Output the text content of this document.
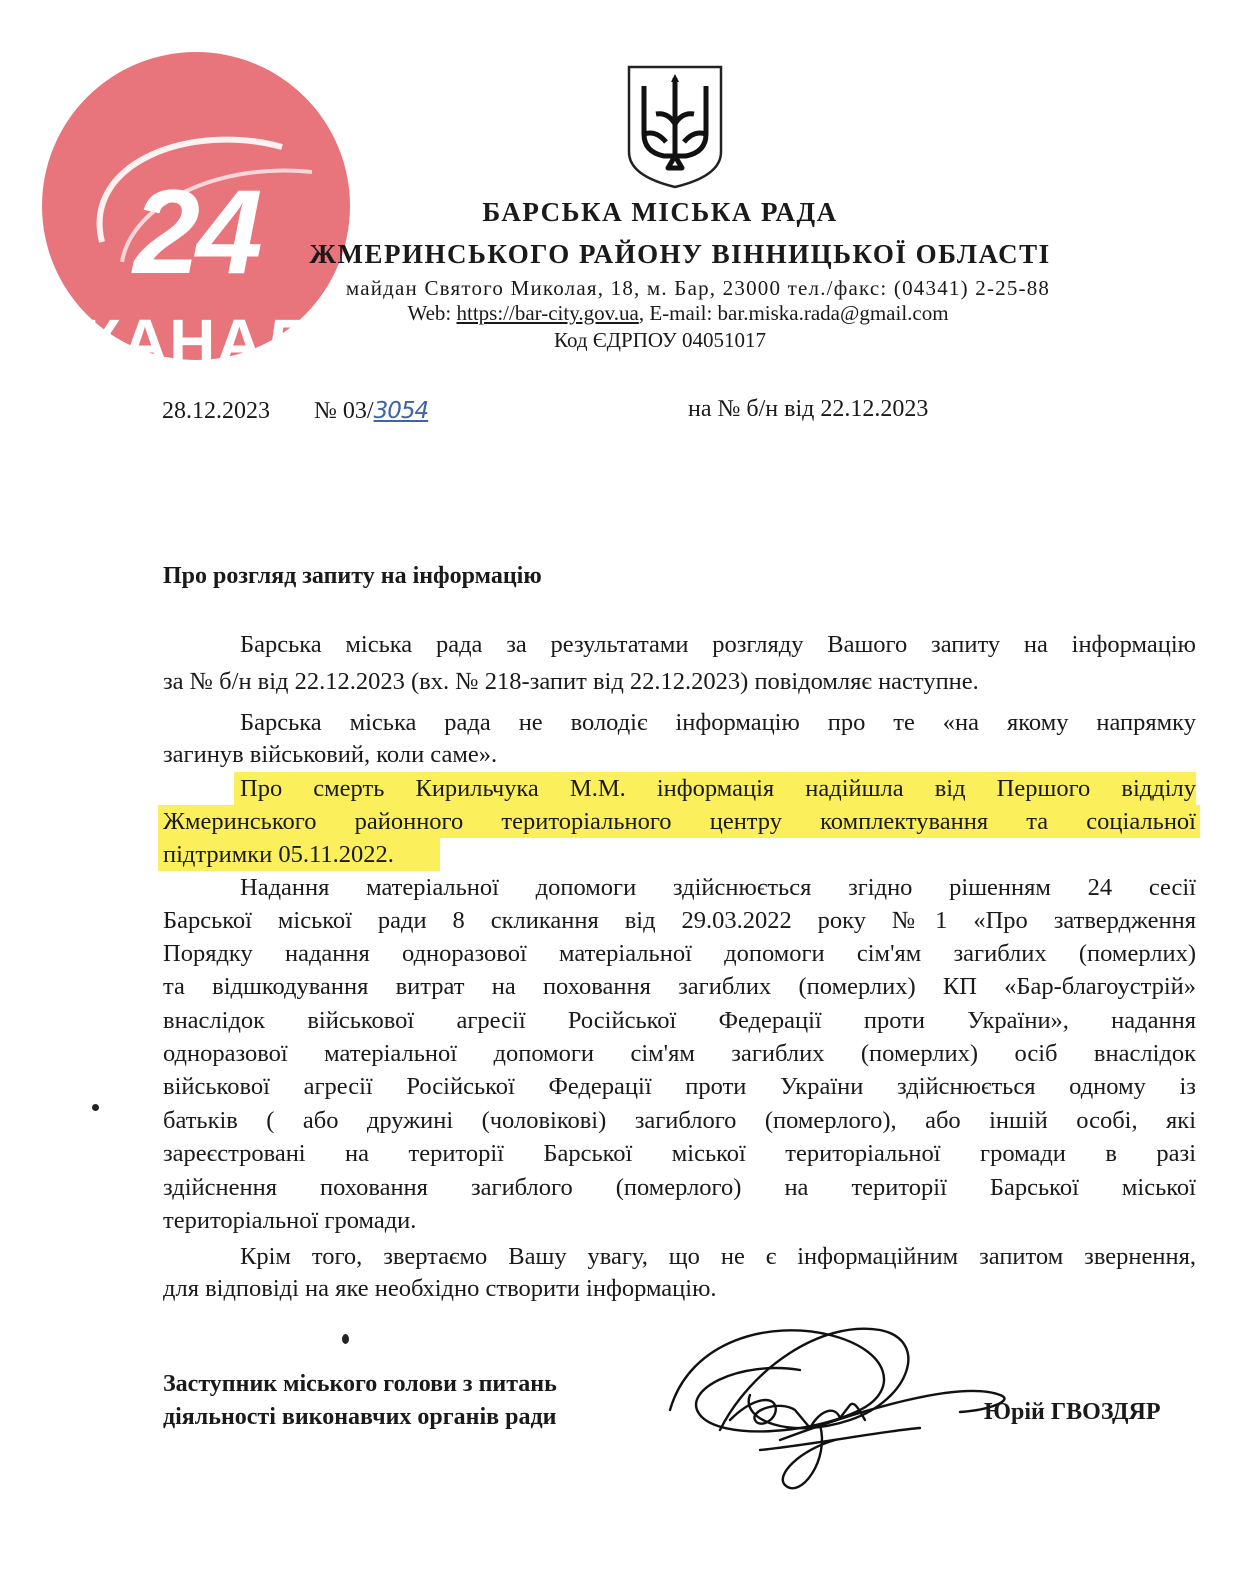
24
КАНАЛ
БАРСЬКА МІСЬКА РАДА
ЖМЕРИНСЬКОГО РАЙОНУ ВІННИЦЬКОЇ ОБЛАСТІ
майдан Святого Миколая, 18, м. Бар, 23000 тел./факс: (04341) 2-25-88
Web: https://bar-city.gov.ua, E-mail: bar.miska.rada@gmail.com
Код ЄДРПОУ 04051017
28.12.2023 № 03/3054	на № б/н від 22.12.2023
Про розгляд запиту на інформацію
Барська міська рада за результатами розгляду Вашого запиту на інформацію
за № б/н від 22.12.2023 (вх. № 218-запит від 22.12.2023) повідомляє наступне.
Барська міська рада не володіє інформацію про те «на якому напрямку
загинув військовий, коли саме».
Про смерть Кирильчука М.М. інформація надійшла від Першого відділу
Жмеринського районного територіального центру комплектування та соціальної
підтримки 05.11.2022.
Надання матеріальної допомоги здійснюється згідно рішенням 24 сесії
Барської міської ради 8 скликання від 29.03.2022 року №1 «Про затвердження
Порядку надання одноразової матеріальної допомоги сім'ям загиблих (померлих)
та відшкодування витрат на поховання загиблих (померлих) КП «Бар-благоустрій»
внаслідок військової агресії Російської Федерації проти України», надання
одноразової матеріальної допомоги сім'ям загиблих (померлих) осіб внаслідок
військової агресії Російської Федерації проти України здійснюється одному із
батьків ( або дружині (чоловікові) загиблого (померлого), або іншій особі, які
зареєстровані на території Барської міської територіальної громади в разі
здійснення поховання загиблого (померлого) на території Барської міської
територіальної громади.
Крім того, звертаємо Вашу увагу, що не є інформаційним запитом звернення,
для відповіді на яке необхідно створити інформацію.
Заступник міського голови з питань
діяльності виконавчих органів ради	Юрій ГВОЗДЯР
